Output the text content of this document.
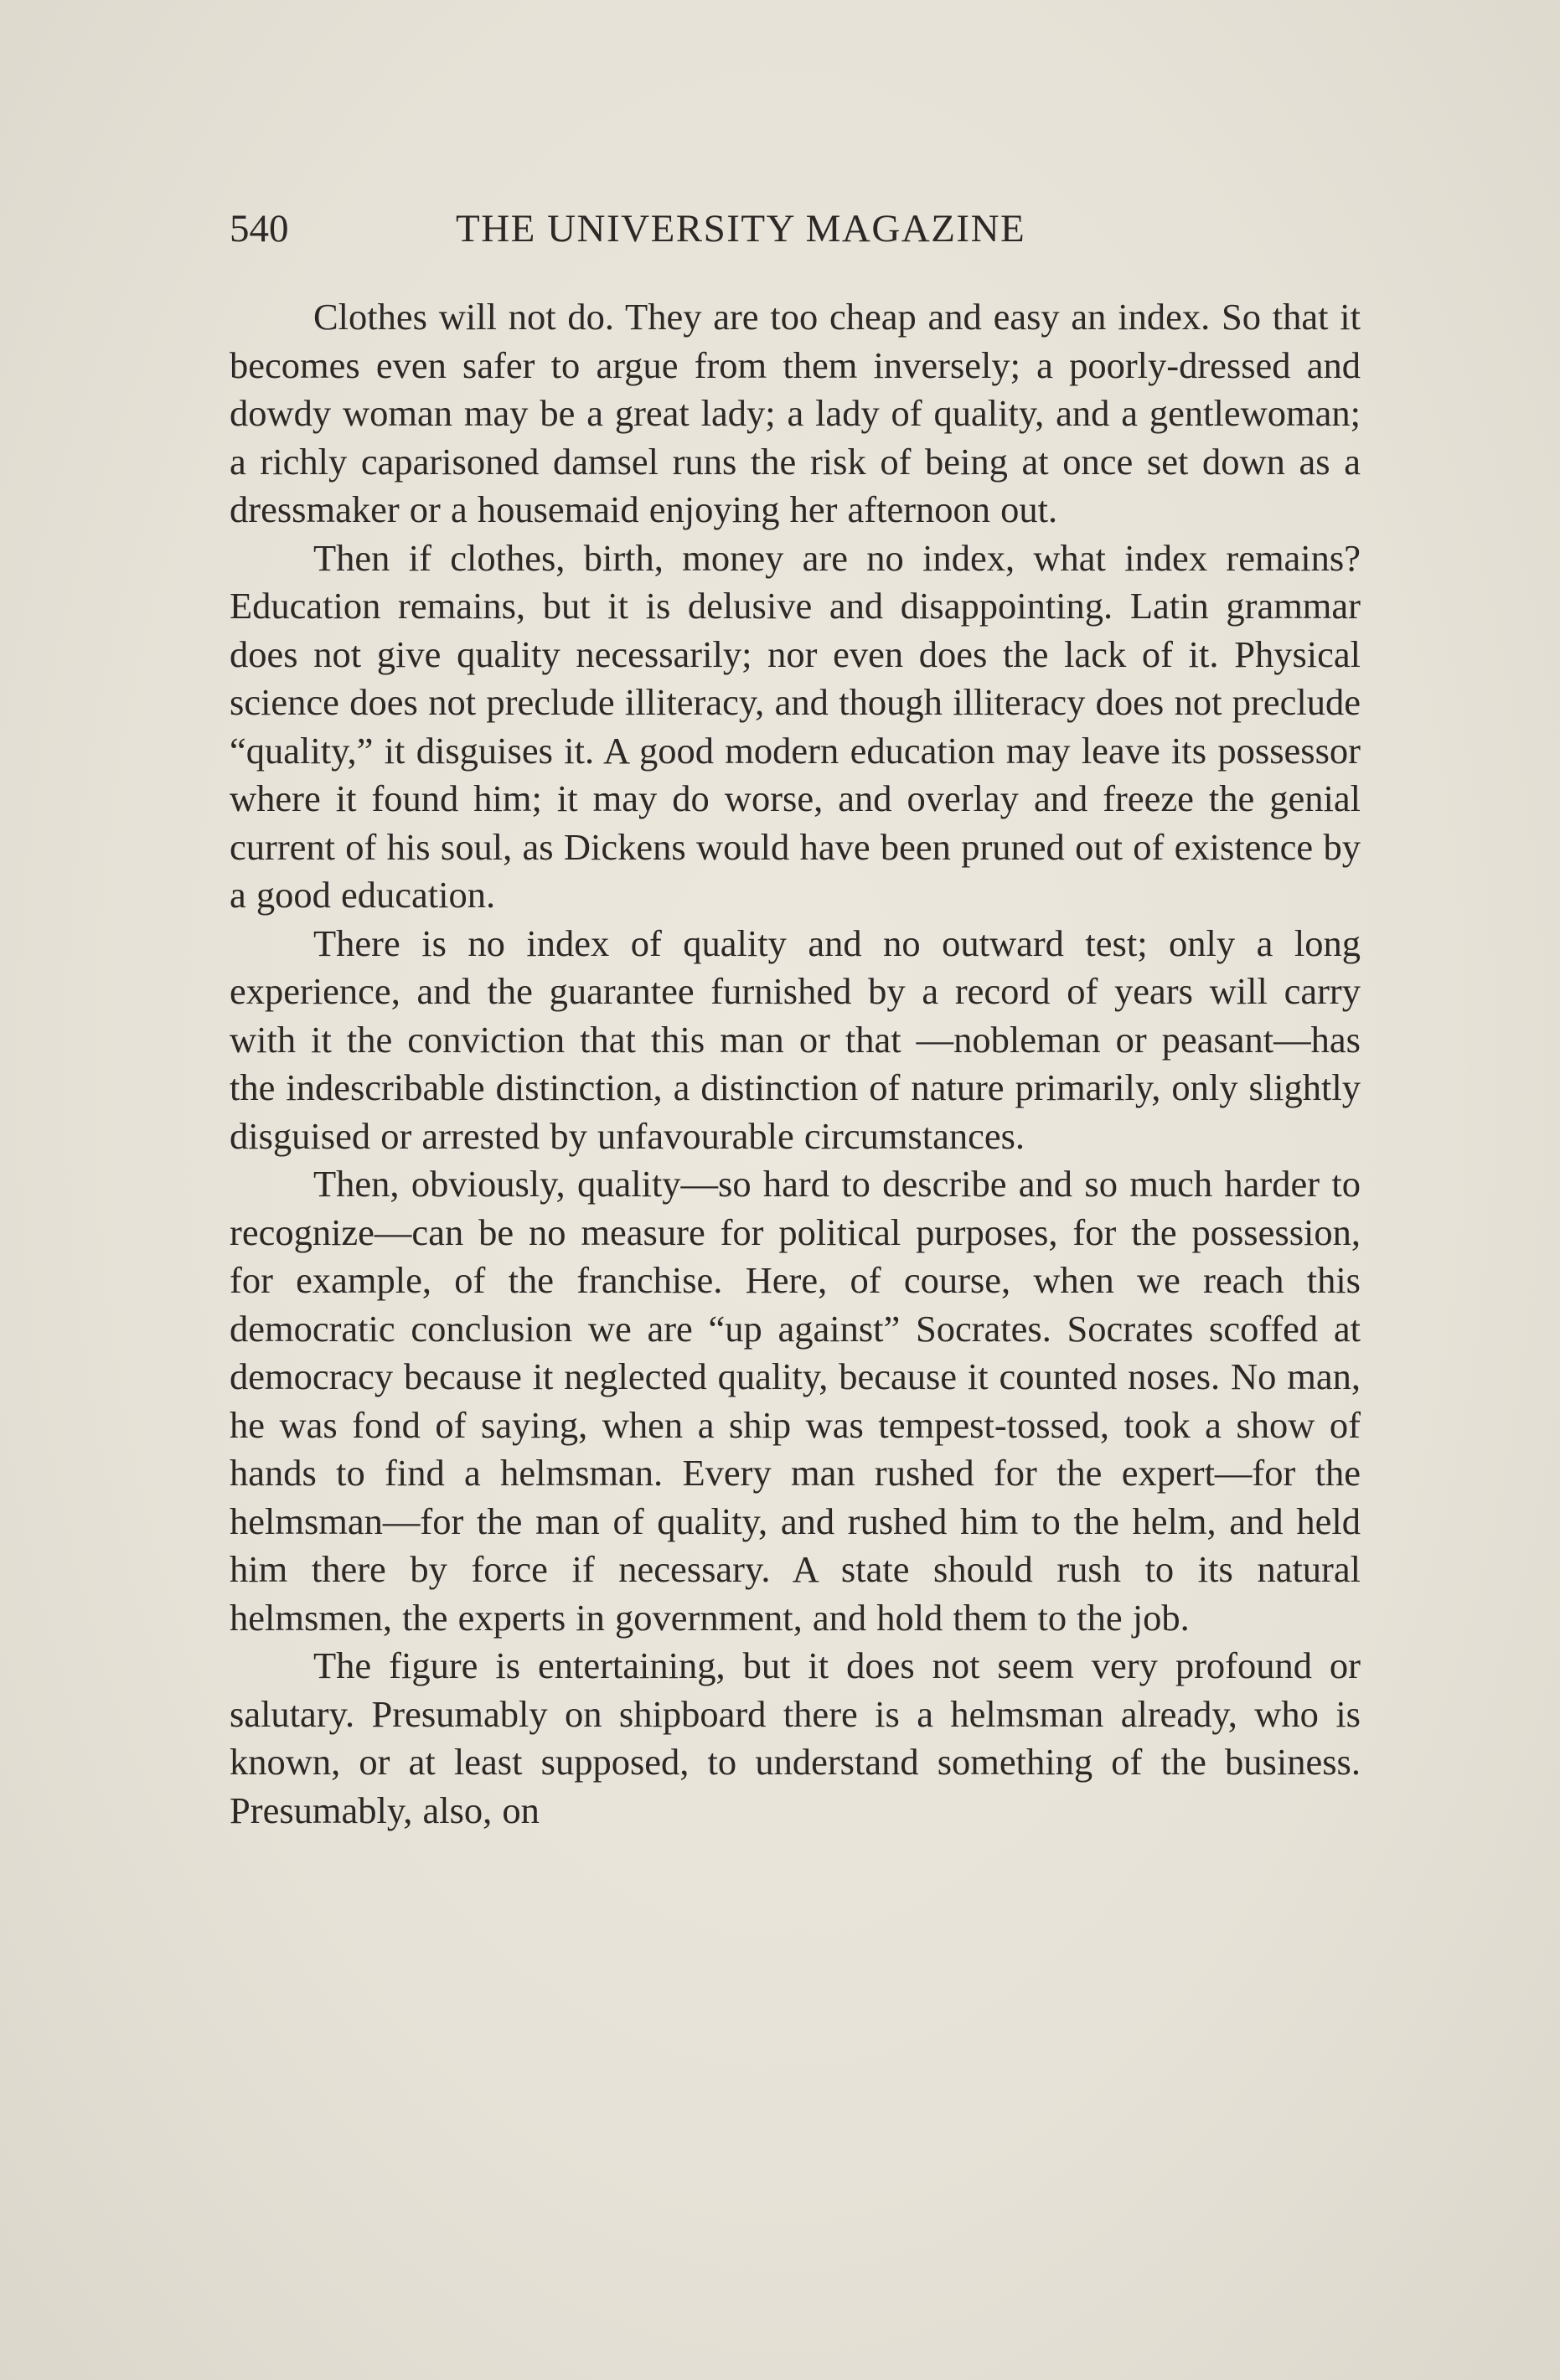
540	THE UNIVERSITY MAGAZINE

Clothes will not do. They are too cheap and easy an index. So that it becomes even safer to argue from them inversely; a poorly-dressed and dowdy woman may be a great lady; a lady of quality, and a gentlewoman; a richly caparisoned damsel runs the risk of being at once set down as a dressmaker or a housemaid enjoying her afternoon out.

Then if clothes, birth, money are no index, what index remains? Education remains, but it is delusive and disappointing. Latin grammar does not give quality necessarily; nor even does the lack of it. Physical science does not preclude illiteracy, and though illiteracy does not preclude “quality,” it disguises it. A good modern education may leave its possessor where it found him; it may do worse, and overlay and freeze the genial current of his soul, as Dickens would have been pruned out of existence by a good education.

There is no index of quality and no outward test; only a long experience, and the guarantee furnished by a record of years will carry with it the conviction that this man or that —nobleman or peasant—has the indescribable distinction, a distinction of nature primarily, only slightly disguised or arrested by unfavourable circumstances.

Then, obviously, quality—so hard to describe and so much harder to recognize—can be no measure for political purposes, for the possession, for example, of the franchise. Here, of course, when we reach this democratic conclusion we are “up against” Socrates. Socrates scoffed at democracy because it neglected quality, because it counted noses. No man, he was fond of saying, when a ship was tempest-tossed, took a show of hands to find a helmsman. Every man rushed for the expert—for the helmsman—for the man of quality, and rushed him to the helm, and held him there by force if necessary. A state should rush to its natural helmsmen, the experts in government, and hold them to the job.

The figure is entertaining, but it does not seem very profound or salutary. Presumably on shipboard there is a helmsman already, who is known, or at least supposed, to understand something of the business. Presumably, also, on
